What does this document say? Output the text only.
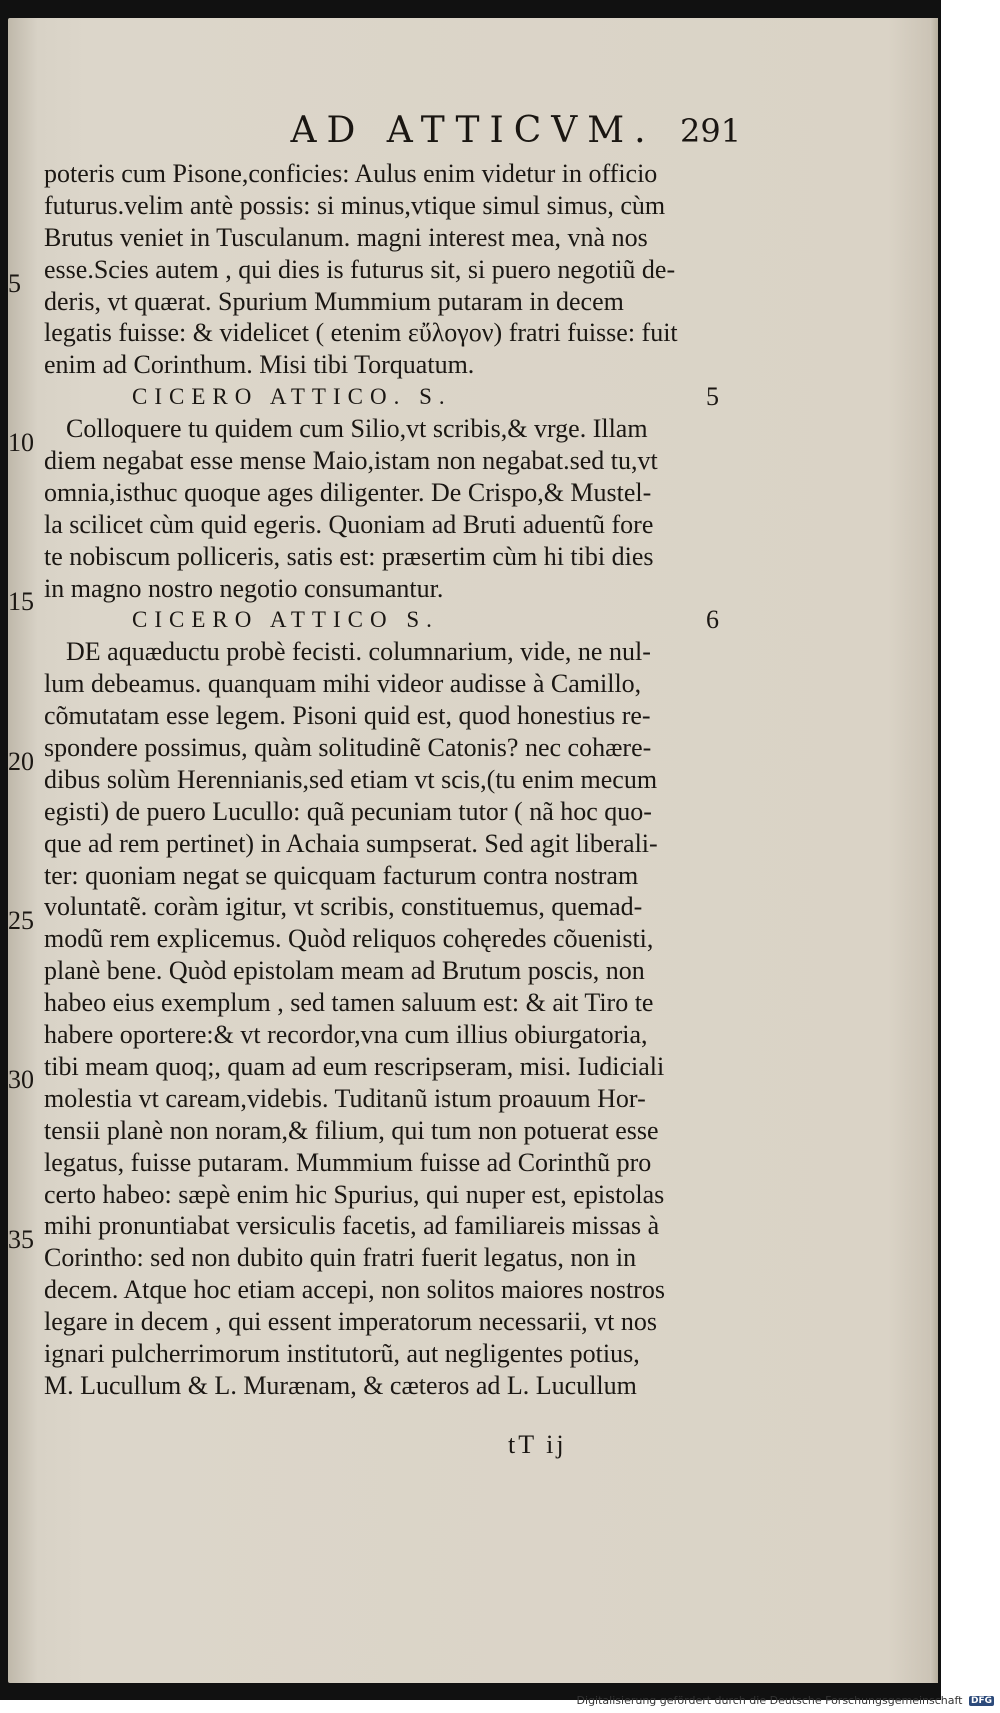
AD ATTICVM. 291
5
10
15
20
25
30
35
poteris cum Pisone,conficies: Aulus enim videtur in officio
futurus.velim antè possis: si minus,vtique simul simus, cùm
Brutus veniet in Tusculanum. magni interest mea, vnà nos
esse.Scies autem , qui dies is futurus sit, si puero negotiũ de-
deris, vt quærat. Spurium Mummium putaram in decem
legatis fuisse: & videlicet ( etenim εὔλογον) fratri fuisse: fuit
enim ad Corinthum. Misi tibi Torquatum.
CICERO ATTICO. S.	5
Colloquere tu quidem cum Silio,vt scribis,& vrge. Illam
diem negabat esse mense Maio,istam non negabat.sed tu,vt
omnia,isthuc quoque ages diligenter. De Crispo,& Mustel-
la scilicet cùm quid egeris. Quoniam ad Bruti aduentũ fore
te nobiscum polliceris, satis est: præsertim cùm hi tibi dies
in magno nostro negotio consumantur.
CICERO ATTICO S.	6
DE aquæductu probè fecisti. columnarium, vide, ne nul-
lum debeamus. quanquam mihi videor audisse à Camillo,
cõmutatam esse legem. Pisoni quid est, quod honestius re-
spondere possimus, quàm solitudinẽ Catonis? nec cohære-
dibus solùm Herennianis,sed etiam vt scis,(tu enim mecum
egisti) de puero Lucullo: quã pecuniam tutor ( nã hoc quo-
que ad rem pertinet) in Achaia sumpserat. Sed agit liberali-
ter: quoniam negat se quicquam facturum contra nostram
voluntatẽ. coràm igitur, vt scribis, constituemus, quemad-
modũ rem explicemus. Quòd reliquos cohęredes cõuenisti,
planè bene. Quòd epistolam meam ad Brutum poscis, non
habeo eius exemplum , sed tamen saluum est: & ait Tiro te
habere oportere:& vt recordor,vna cum illius obiurgatoria,
tibi meam quoq;, quam ad eum rescripseram, misi. Iudiciali
molestia vt caream,videbis. Tuditanũ istum proauum Hor-
tensii planè non noram,& filium, qui tum non potuerat esse
legatus, fuisse putaram. Mummium fuisse ad Corinthũ pro
certo habeo: sæpè enim hic Spurius, qui nuper est, epistolas
mihi pronuntiabat versiculis facetis, ad familiareis missas à
Corintho: sed non dubito quin fratri fuerit legatus, non in
decem. Atque hoc etiam accepi, non solitos maiores nostros
legare in decem , qui essent imperatorum necessarii, vt nos
ignari pulcherrimorum institutorũ, aut negligentes potius,
M. Lucullum & L. Murænam, & cæteros ad L. Lucullum
tT ij
Digitalisierung gefördert durch die Deutsche Forschungsgemeinschaft DFG
